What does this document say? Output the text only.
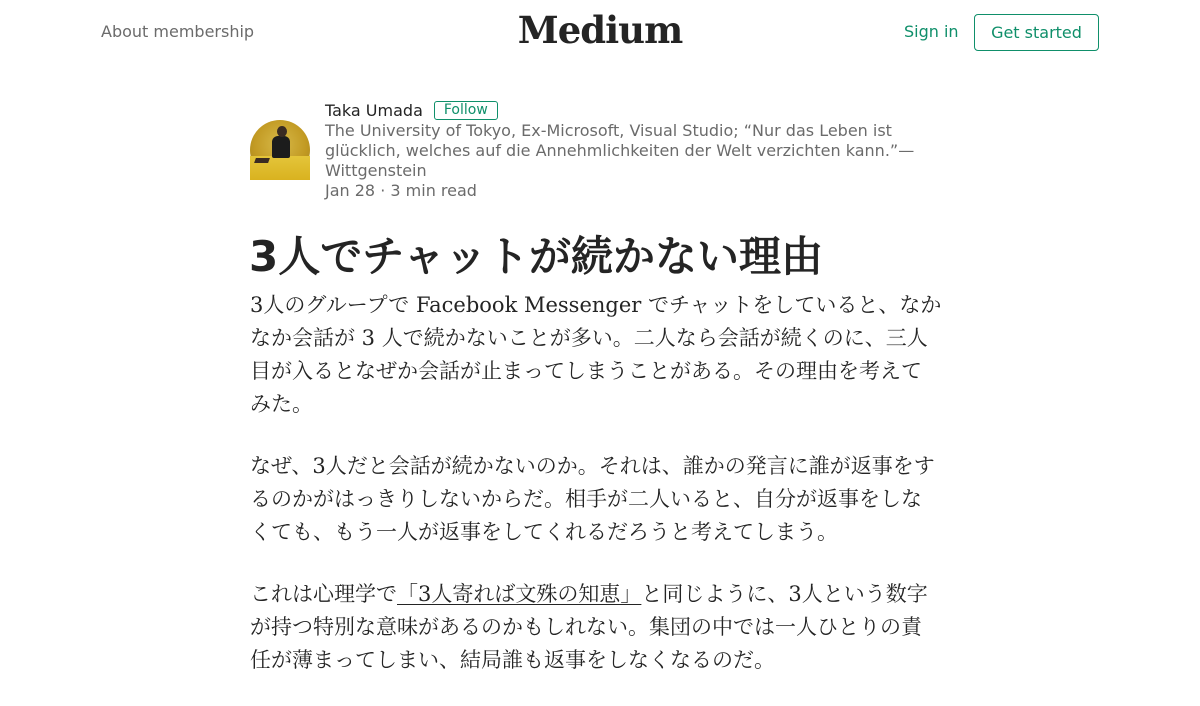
About membership	Medium	Sign in	Get started
Taka Umada	Follow
The University of Tokyo, Ex-Microsoft, Visual Studio; “Nur das Leben ist glücklich, welches auf die Annehmlichkeiten der Welt verzichten kann.”— Wittgenstein
Jan 28 · 3 min read
3人でチャットが続かない理由

3人のグループで Facebook Messenger でチャットをしていると、なかなか会話が 3 人で続かないことが多い。二人なら会話が続くのに、三人目が入るとなぜか会話が止まってしまうことがある。その理由を考えてみた。

なぜ、3人だと会話が続かないのか。それは、誰かの発言に誰が返事をするのかがはっきりしないからだ。相手が二人いると、自分が返事をしなくても、もう一人が返事をしてくれるだろうと考えてしまう。

これは心理学で「3人寄れば文殊の知恵」と同じように、3人という数字が持つ特別な意味があるのかもしれない。集団の中では一人ひとりの責任が薄まってしまい、結局誰も返事をしなくなるのだ。
